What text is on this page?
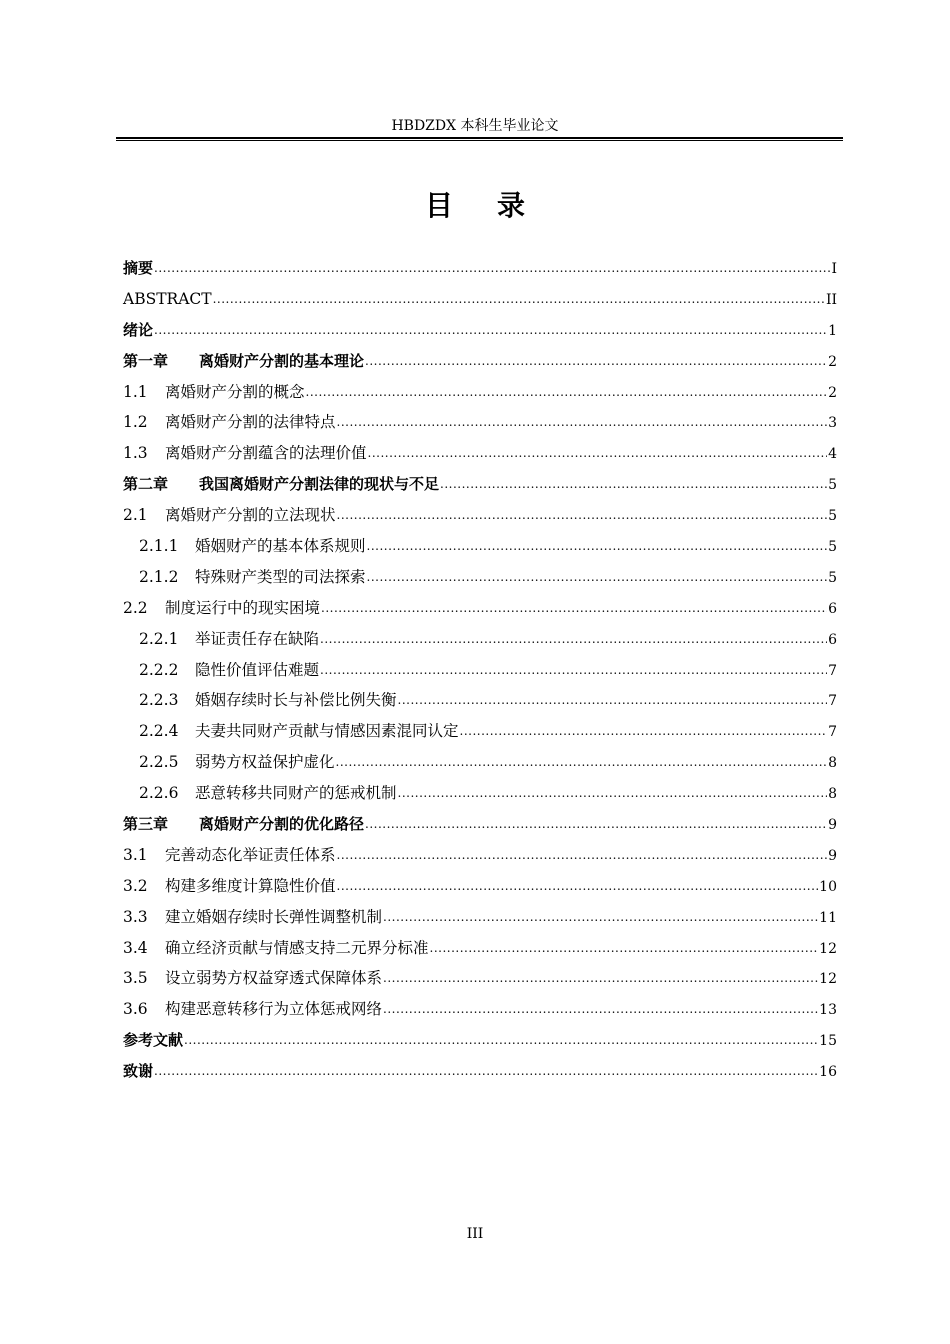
HBDZDX 本科生毕业论文
目录
摘要 .....	I
ABSTRACT .....	II
绪论 .....	1
第一章 离婚财产分割的基本理论 .....	2
1.1 离婚财产分割的概念 .....	2
1.2 离婚财产分割的法律特点 .....	3
1.3 离婚财产分割蕴含的法理价值 .....	4
第二章 我国离婚财产分割法律的现状与不足 .....	5
2.1 离婚财产分割的立法现状 .....	5
2.1.1 婚姻财产的基本体系规则 .....	5
2.1.2 特殊财产类型的司法探索 .....	5
2.2 制度运行中的现实困境 .....	6
2.2.1 举证责任存在缺陷 .....	6
2.2.2 隐性价值评估难题 .....	7
2.2.3 婚姻存续时长与补偿比例失衡 .....	7
2.2.4 夫妻共同财产贡献与情感因素混同认定 .....	7
2.2.5 弱势方权益保护虚化 .....	8
2.2.6 恶意转移共同财产的惩戒机制 .....	8
第三章 离婚财产分割的优化路径 .....	9
3.1 完善动态化举证责任体系 .....	9
3.2 构建多维度计算隐性价值 .....	10
3.3 建立婚姻存续时长弹性调整机制 .....	11
3.4 确立经济贡献与情感支持二元界分标准 .....	12
3.5 设立弱势方权益穿透式保障体系 .....	12
3.6 构建恶意转移行为立体惩戒网络 .....	13
参考文献 .....	15
致谢 .....	16
III
